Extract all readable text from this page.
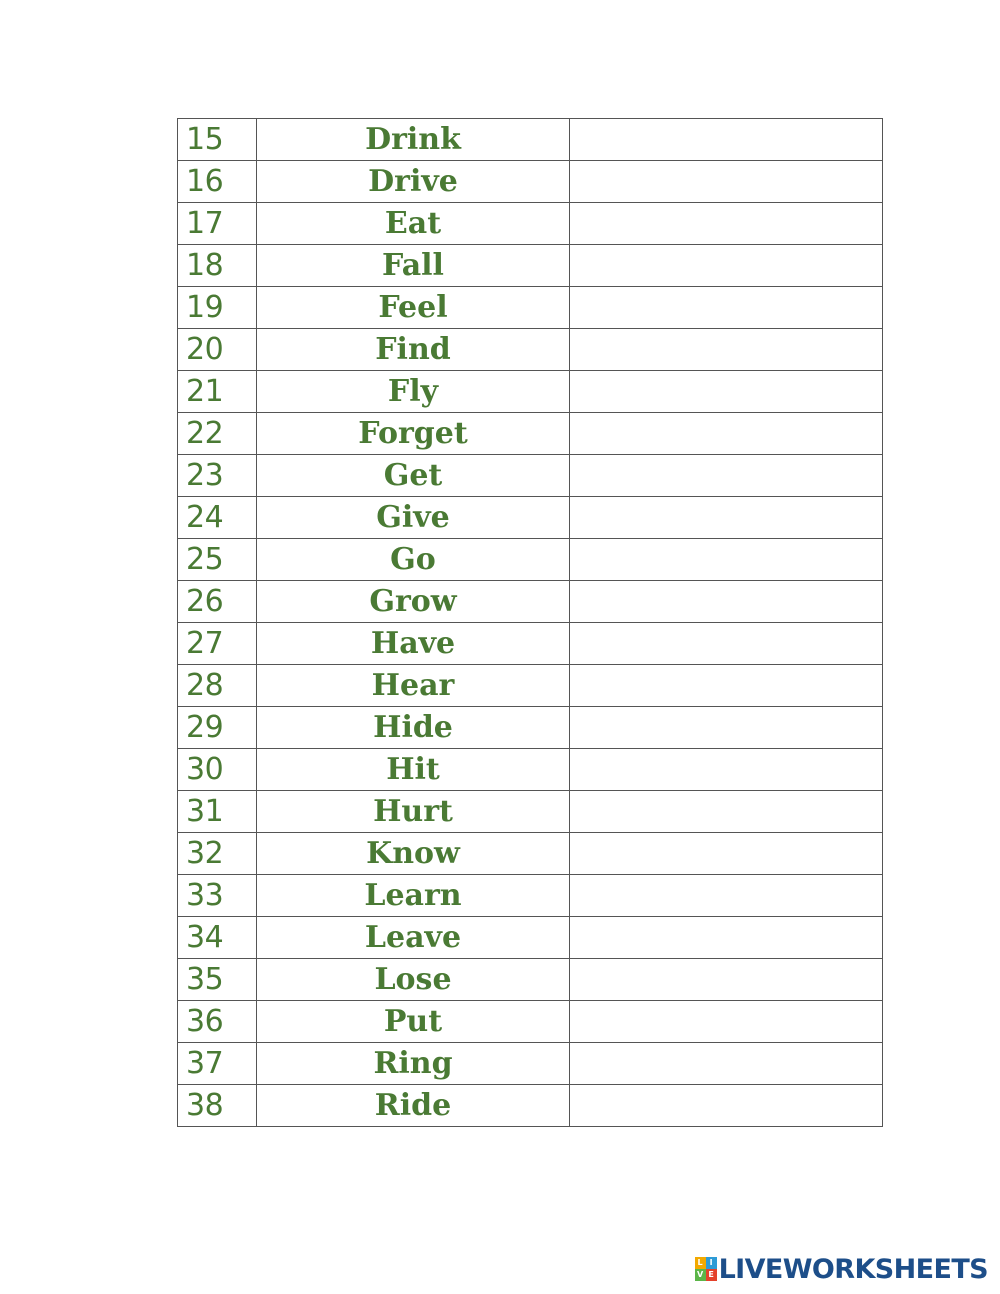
15	Drink	
16	Drive	
17	Eat	
18	Fall	
19	Feel	
20	Find	
21	Fly	
22	Forget	
23	Get	
24	Give	
25	Go	
26	Grow	
27	Have	
28	Hear	
29	Hide	
30	Hit	
31	Hurt	
32	Know	
33	Learn	
34	Leave	
35	Lose	
36	Put	
37	Ring	
38	Ride	
L I
V E LIVEWORKSHEETS
